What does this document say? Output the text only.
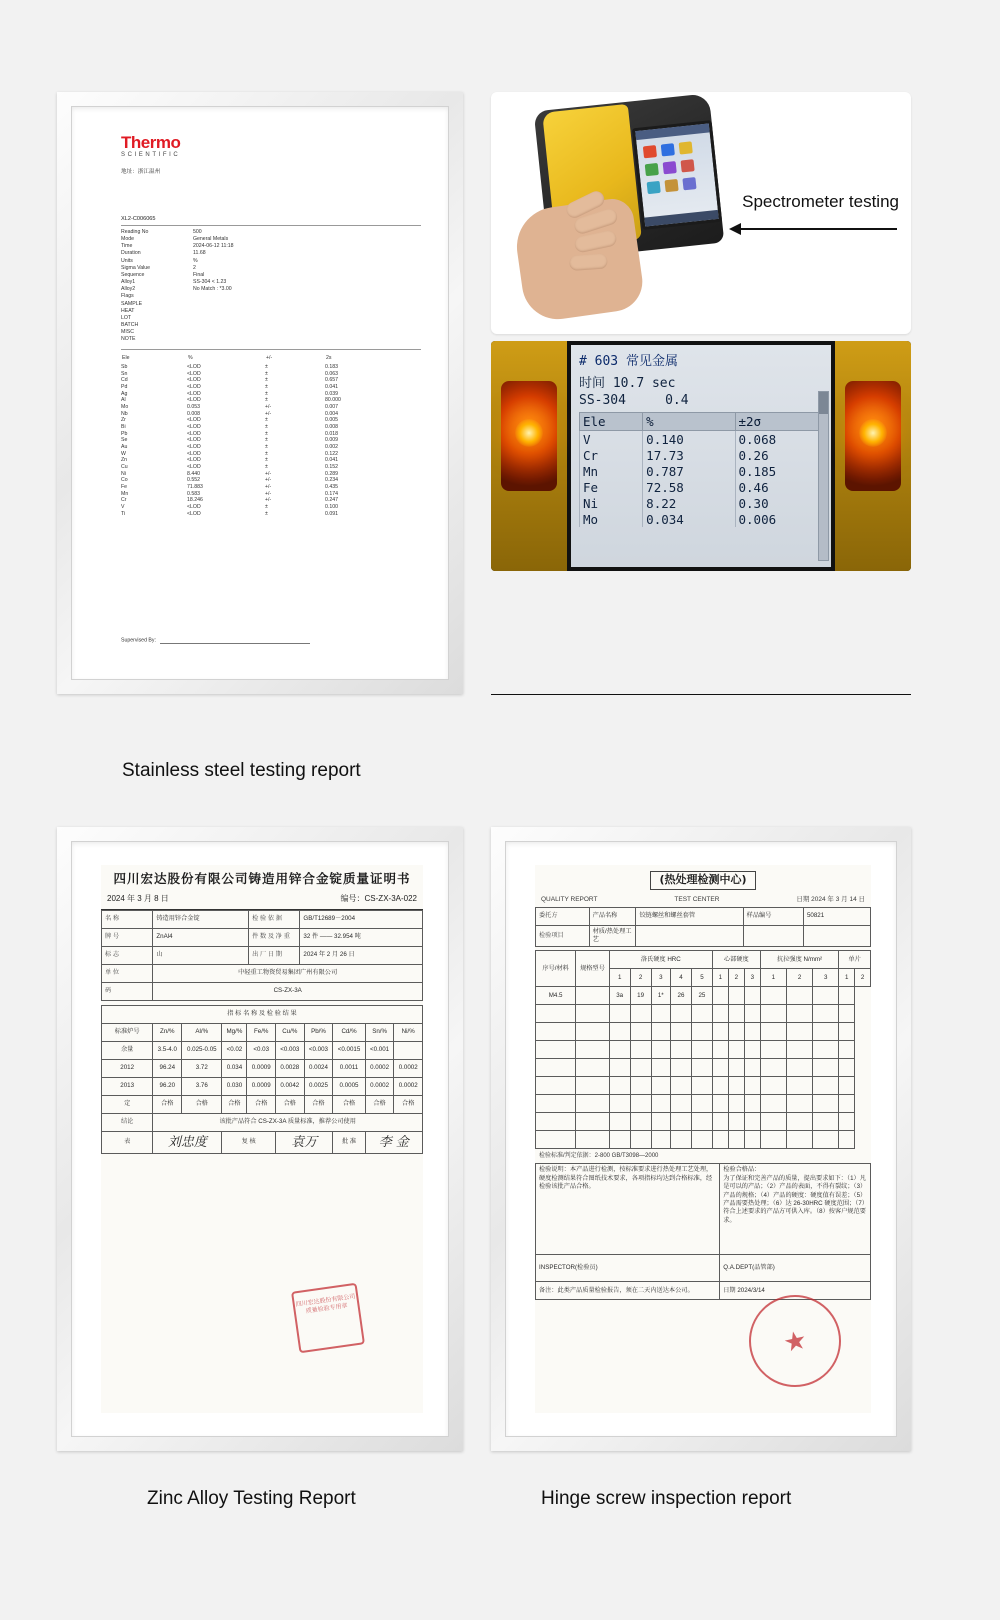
Thermo
SCIENTIFIC
地址：浙江温州
XL2-C006065
Reading No	500
Mode	General Metals
Time	2024-06-12 11:18
Duration	11.68
Units	%
Sigma Value	2
Sequence	Final
Alloy1	SS-304 < 1.23
Alloy2	No Match : *3.00
Flags	
SAMPLE	
HEAT	
LOT	
BATCH	
MISC	
NOTE	
Ele	%	+/-	2s
Sb	<LOD	±	0.183
Sn	<LOD	±	0.063
Cd	<LOD	±	0.657
Pd	<LOD	±	0.041
Ag	<LOD	±	0.039
Al	<LOD	±	80.000
Mo	0.053	+/-	0.007
Nb	0.008	+/-	0.004
Zr	<LOD	±	0.005
Bi	<LOD	±	0.008
Pb	<LOD	±	0.018
Se	<LOD	±	0.009
Au	<LOD	±	0.002
W	<LOD	±	0.122
Zn	<LOD	±	0.041
Cu	<LOD	±	0.152
Ni	8.440	+/-	0.289
Co	0.552	+/-	0.234
Fe	71.883	+/-	0.435
Mn	0.583	+/-	0.174
Cr	18.246	+/-	0.247
V	<LOD	±	0.100
Ti	<LOD	±	0.091
Supervised By:
Spectrometer testing
# 603 常见金属
时间 10.7 sec
SS-304	0.4
Ele	%	±2σ
V	0.140	0.068
Cr	17.73	0.26
Mn	0.787	0.185
Fe	72.58	0.46
Ni	8.22	0.30
Mo	0.034	0.006
Stainless steel testing report
四川宏达股份有限公司铸造用锌合金锭质量证明书
2024 年 3 月 8 日	编号：CS-ZX-3A-022
名 称	铸造用锌合金锭	检 验 依 据	GB/T12689－2004
牌 号	ZnAl4	件 数 及 净 重	32 件 —— 32.954 吨
标 志	山	出 厂 日 期	2024 年 2 月 26 日
单 位	中轻重工物资贸易集团广州有限公司		
码	CS-ZX-3A		
指 标 名 称 及 检 验 结 果									
标准炉号	Zn/%	Al/%	Mg/%	Fe/%	Cu/%	Pb/%	Cd/%	Sn/%	Ni/%
余量	3.5-4.0	0.025-0.05	<0.02	<0.03	<0.003	<0.003	<0.0015	<0.001	
2012	96.24	3.72	0.034	0.0009	0.0028	0.0024	0.0011	0.0002	0.0002
2013	96.20	3.76	0.030	0.0009	0.0042	0.0025	0.0005	0.0002	0.0002
定	合格	合格	合格	合格	合格	合格	合格	合格	合格
结论	该批产品符合 CS-ZX-3A 质量标准，推荐公司使用								
表	刘忠度		复 核		袁万		批 准	李 金	
四川宏达股份有限公司质量检验专用章
(热处理检测中心)
QUALITY REPORT	TEST CENTER	日期 2024 年 3 月 14 日
委托方	产品名称	铰链螺丝和螺丝套管	样品编号	50821
检验项目	材质/热处理工艺			
序号/材料	规格型号	洛氏硬度 HRC					心部硬度			抗拉强度 N/mm²			单片	
		1	2	3	4	5	1	2	3	1	2	3	1	2
M4.5		3a	19	1*	26	25								

检验标准/判定依据：2-800 GB/T3098—2000
检验说明：本产品进行检测，按标准要求进行热处理工艺处理，硬度检测结果符合图纸技术要求，各项指标均达到合格标准，经检验该批产品合格。	检验合格品：
为了保证和完善产品的质量，提出要求如下：（1）凡是可以的产品；（2）产品的表面，不得有裂纹；（3）产品的规格；（4）产品的硬度：硬度值有误差；（5）产品需要热处理；（6）达 26-30HRC 硬度范围；（7）符合上述要求的产品方可供入库。（8）按客户规范要求。

INSPECTOR(检验员)	Q.A.DEPT(品管部)
备注：此类产品质量检验报告，须在二天内送达本公司。	日期 2024/3/14
★
Zinc Alloy Testing Report	Hinge screw inspection report
